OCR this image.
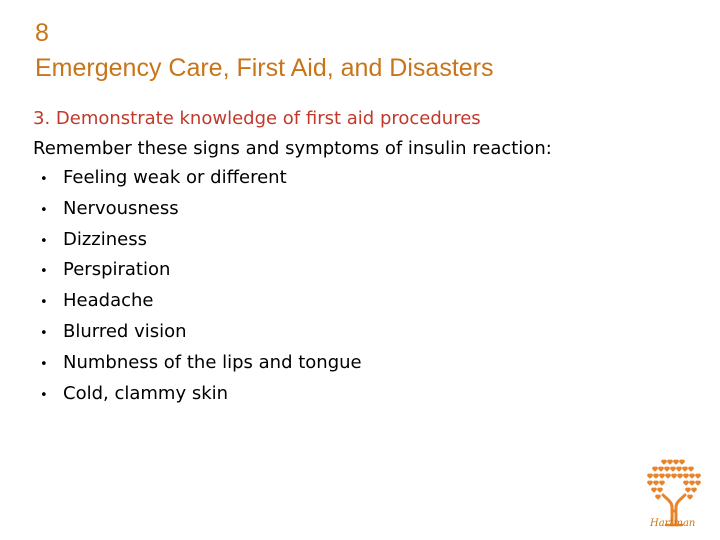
8
Emergency Care, First Aid, and Disasters
3. Demonstrate knowledge of first aid procedures
Remember these signs and symptoms of insulin reaction:
• Feeling weak or different
• Nervousness
• Dizziness
• Perspiration
• Headache
• Blurred vision
• Numbness of the lips and tongue
• Cold, clammy skin
Hartman
